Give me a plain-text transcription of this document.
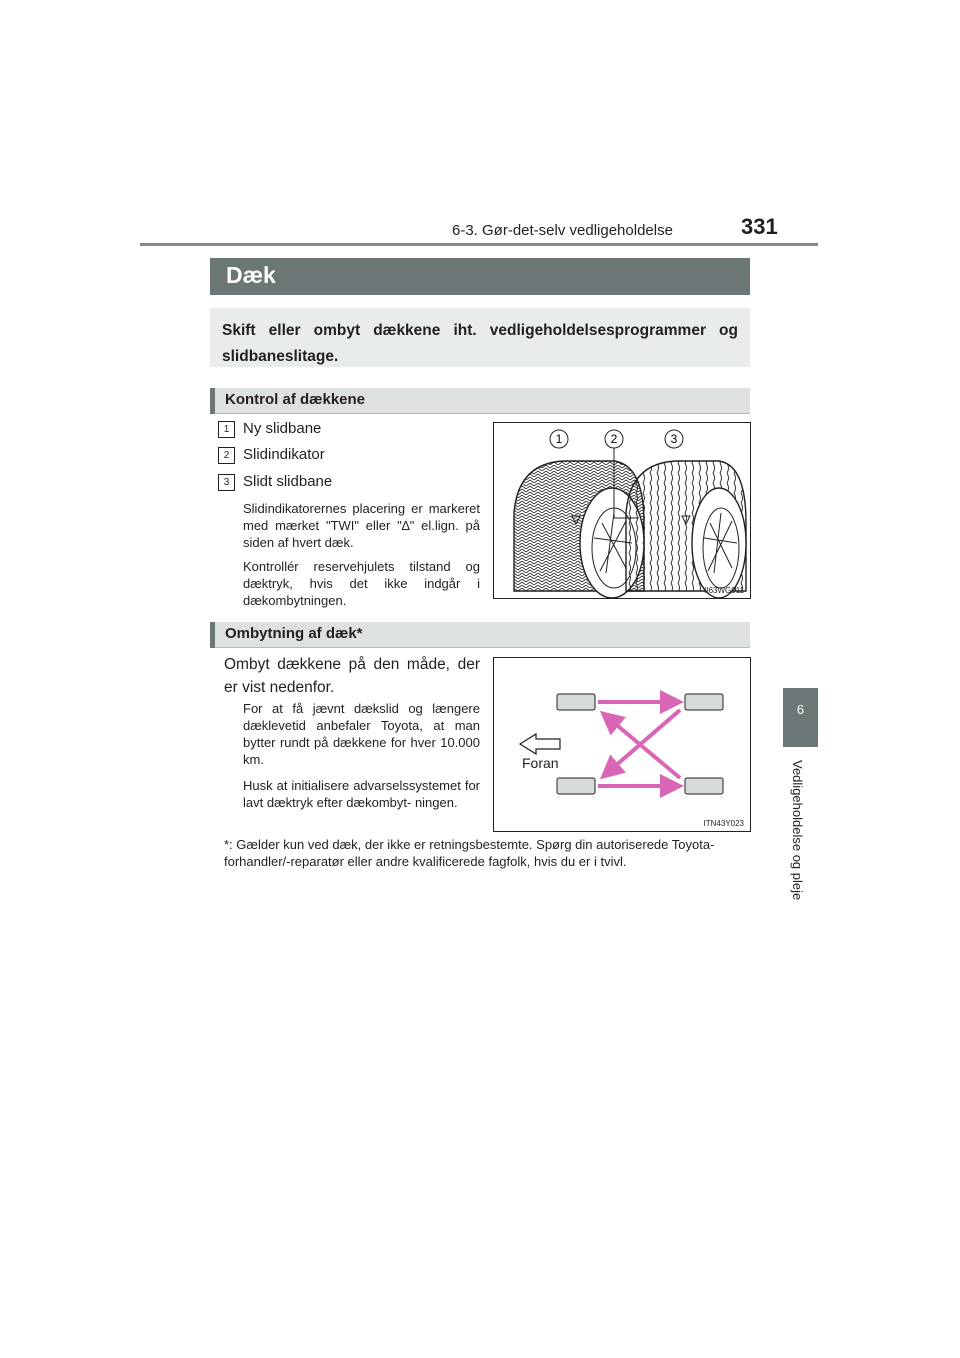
6-3. Gør-det-selv vedligeholdelse	331
6
Vedligeholdelse og pleje
Dæk

Skift eller ombyt dækkene iht. vedligeholdelsesprogrammer og slidbaneslitage.

Kontrol af dækkene
1 Ny slidbane
2 Slidindikator
3 Slidt slidbane

Slidindikatorernes placering er markeret med mærket "TWI" eller "∆" el.lign. på siden af hvert dæk.

Kontrollér reservehjulets tilstand og dæktryk, hvis det ikke indgår i dækombytningen.

1	2	3
II63WG011
Ombytning af dæk*

Ombyt dækkene på den måde, der er vist nedenfor.

For at få jævnt dækslid og længere dæklevetid anbefaler Toyota, at man bytter rundt på dækkene for hver 10.000 km.

Husk at initialisere advarselssystemet for lavt dæktryk efter dækombyt- ningen.

Foran
ITN43Y023

*: Gælder kun ved dæk, der ikke er retningsbestemte. Spørg din autoriserede Toyota-forhandler/-reparatør eller andre kvalificerede fagfolk, hvis du er i tvivl.
